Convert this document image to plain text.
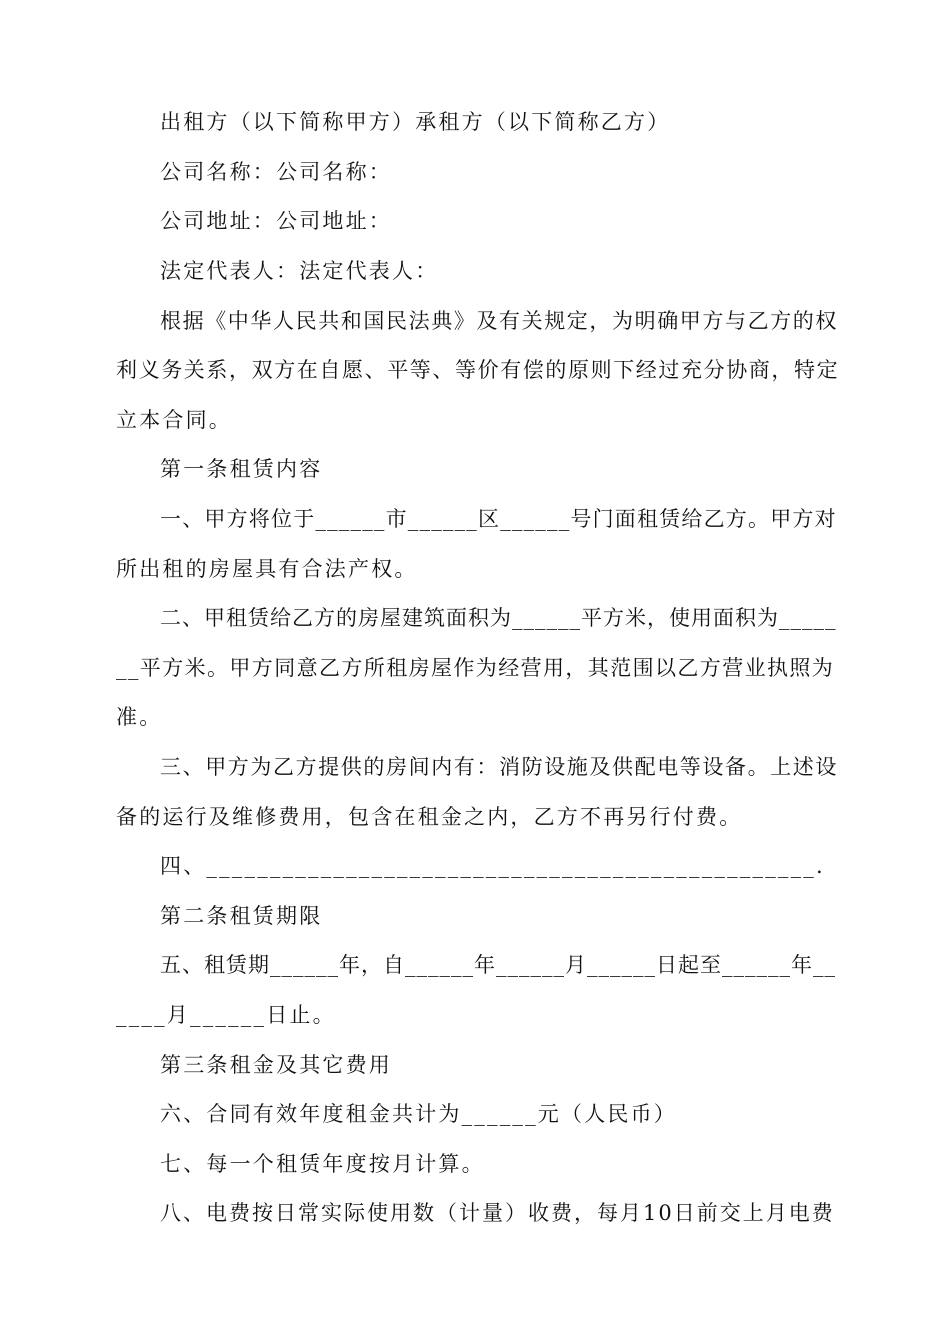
出租方（以下简称甲方）承租方（以下简称乙方）

公司名称：公司名称：

公司地址：公司地址：

法定代表人：法定代表人：

根据《中华人民共和国民法典》及有关规定，为明确甲方与乙方的权

利义务关系，双方在自愿、平等、等价有偿的原则下经过充分协商，特定

立本合同。

第一条租赁内容

一、甲方将位于______市______区______号门面租赁给乙方。甲方对

所出租的房屋具有合法产权。

二、甲租赁给乙方的房屋建筑面积为______平方米，使用面积为_____

__平方米。甲方同意乙方所租房屋作为经营用，其范围以乙方营业执照为

准。

三、甲方为乙方提供的房间内有：消防设施及供配电等设备。上述设

备的运行及维修费用，包含在租金之内，乙方不再另行付费。

四、________________________________________________.

第二条租赁期限

五、租赁期______年，自______年______月______日起至______年__

____月______日止。

第三条租金及其它费用

六、合同有效年度租金共计为______元（人民币）

七、每一个租赁年度按月计算。

八、电费按日常实际使用数（计量）收费，每月10日前交上月电费
